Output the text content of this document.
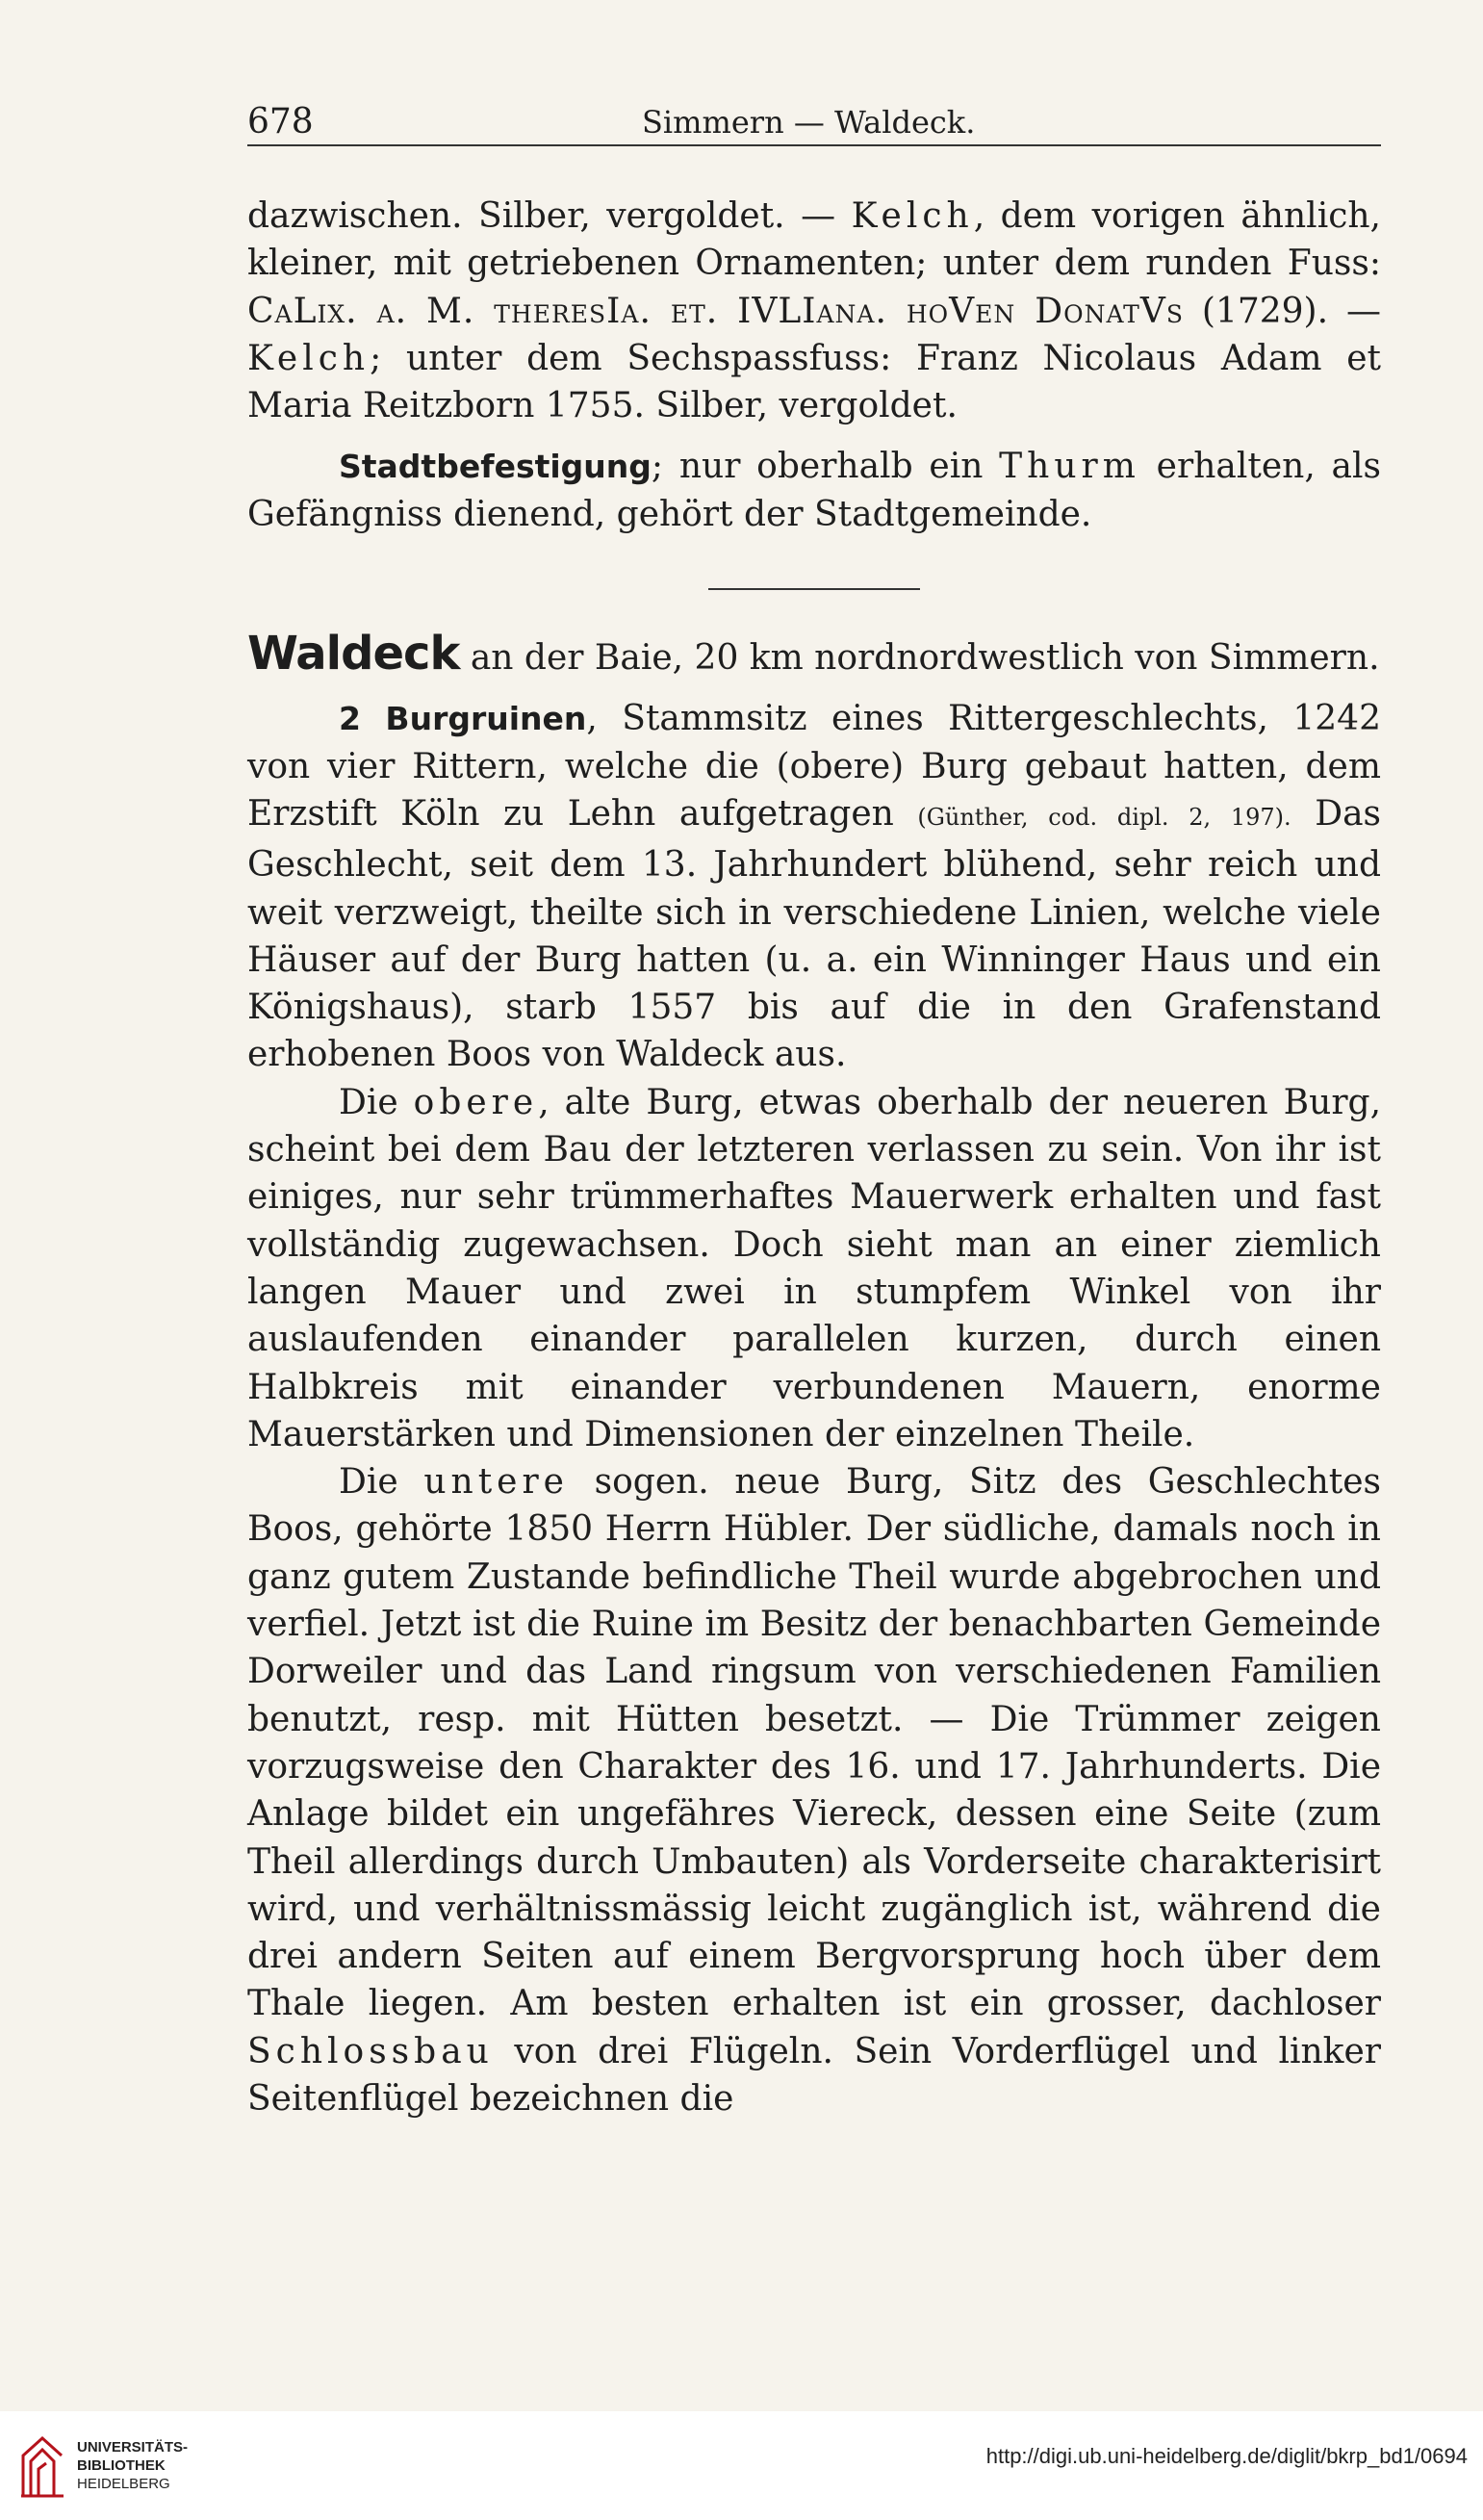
678	Simmern — Waldeck.

dazwischen. Silber, vergoldet. — Kelch, dem vorigen ähnlich, kleiner, mit getriebenen Ornamenten; unter dem runden Fuss: CaLix. a. M. theresIa. et. IVLIana. hoVen DonatVs (1729). — Kelch; unter dem Sechspassfuss: Franz Nicolaus Adam et Maria Reitzborn 1755. Silber, vergoldet.

Stadtbefestigung; nur oberhalb ein Thurm erhalten, als Gefängniss dienend, gehört der Stadtgemeinde.

Waldeck an der Baie, 20 km nordnordwestlich von Simmern.

2 Burgruinen, Stammsitz eines Rittergeschlechts, 1242 von vier Rittern, welche die (obere) Burg gebaut hatten, dem Erzstift Köln zu Lehn aufgetragen (Günther, cod. dipl. 2, 197). Das Geschlecht, seit dem 13. Jahrhundert blühend, sehr reich und weit verzweigt, theilte sich in verschiedene Linien, welche viele Häuser auf der Burg hatten (u. a. ein Winninger Haus und ein Königshaus), starb 1557 bis auf die in den Grafenstand erhobenen Boos von Waldeck aus.

Die obere, alte Burg, etwas oberhalb der neueren Burg, scheint bei dem Bau der letzteren verlassen zu sein. Von ihr ist einiges, nur sehr trümmerhaftes Mauerwerk erhalten und fast vollständig zugewachsen. Doch sieht man an einer ziemlich langen Mauer und zwei in stumpfem Winkel von ihr auslaufenden einander parallelen kurzen, durch einen Halbkreis mit einander verbundenen Mauern, enorme Mauerstärken und Dimensionen der einzelnen Theile.

Die untere sogen. neue Burg, Sitz des Geschlechtes Boos, gehörte 1850 Herrn Hübler. Der südliche, damals noch in ganz gutem Zustande befindliche Theil wurde abgebrochen und verfiel. Jetzt ist die Ruine im Besitz der benachbarten Gemeinde Dorweiler und das Land ringsum von verschiedenen Familien benutzt, resp. mit Hütten besetzt. — Die Trümmer zeigen vorzugsweise den Charakter des 16. und 17. Jahrhunderts. Die Anlage bildet ein ungefähres Viereck, dessen eine Seite (zum Theil allerdings durch Umbauten) als Vorderseite charakterisirt wird, und verhältnissmässig leicht zugänglich ist, während die drei andern Seiten auf einem Bergvorsprung hoch über dem Thale liegen. Am besten erhalten ist ein grosser, dachloser Schlossbau von drei Flügeln. Sein Vorderflügel und linker Seitenflügel bezeichnen die

UNIVERSITÄTS-
BIBLIOTHEK
HEIDELBERG
http://digi.ub.uni-heidelberg.de/diglit/bkrp_bd1/0694
